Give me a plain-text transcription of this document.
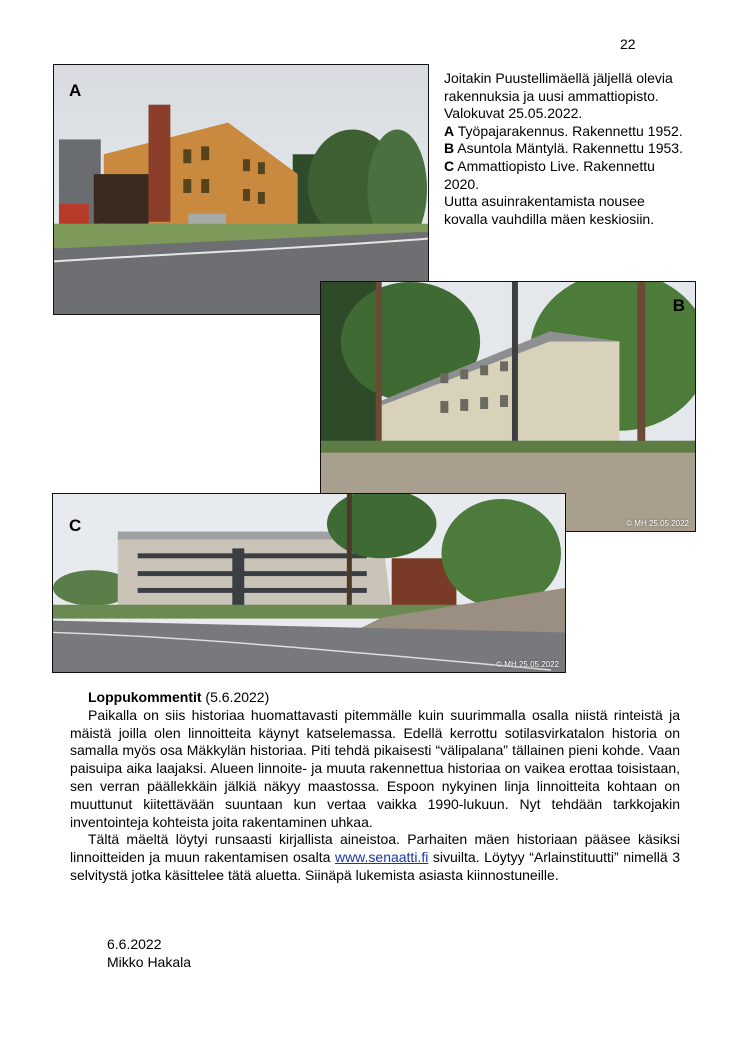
22
A
Joitakin Puustellimäellä jäljellä olevia rakennuksia ja uusi ammattiopisto. Valokuvat 25.05.2022.
A Työpajarakennus. Rakennettu 1952.
B Asuntola Mäntylä. Rakennettu 1953.
C Ammattiopisto Live. Rakennettu 2020.
Uutta asuinrakentamista nousee kovalla vauhdilla mäen keskiosiin.
B
© MH 25.05.2022
C
© MH 25.05.2022
Loppukommentit (5.6.2022)

Paikalla on siis historiaa huomattavasti pitemmälle kuin suurimmalla osalla niistä rinteistä ja mäistä joilla olen linnoitteita käynyt katselemassa. Edellä kerrottu sotilasvirkatalon historia on samalla myös osa Mäkkylän historiaa. Piti tehdä pikaisesti “välipalana” tällainen pieni kohde. Vaan paisuipa aika laajaksi. Alueen linnoite- ja muuta rakennettua historiaa on vaikea erottaa toisistaan, sen verran päällekkäin jälkiä näkyy maastossa. Espoon nykyinen linja linnoitteita kohtaan on muuttunut kiitettävään suuntaan kun vertaa vaikka 1990-lukuun. Nyt tehdään tarkkojakin inventointeja kohteista joita rakentaminen uhkaa.

Tältä mäeltä löytyi runsaasti kirjallista aineistoa. Parhaiten mäen historiaan pääsee käsiksi linnoitteiden ja muun rakentamisen osalta www.senaatti.fi sivuilta. Löytyy “Arlainstituutti” nimellä 3 selvitystä jotka käsittelee tätä aluetta. Siinäpä lukemista asiasta kiinnostuneille.

6.6.2022
Mikko Hakala
